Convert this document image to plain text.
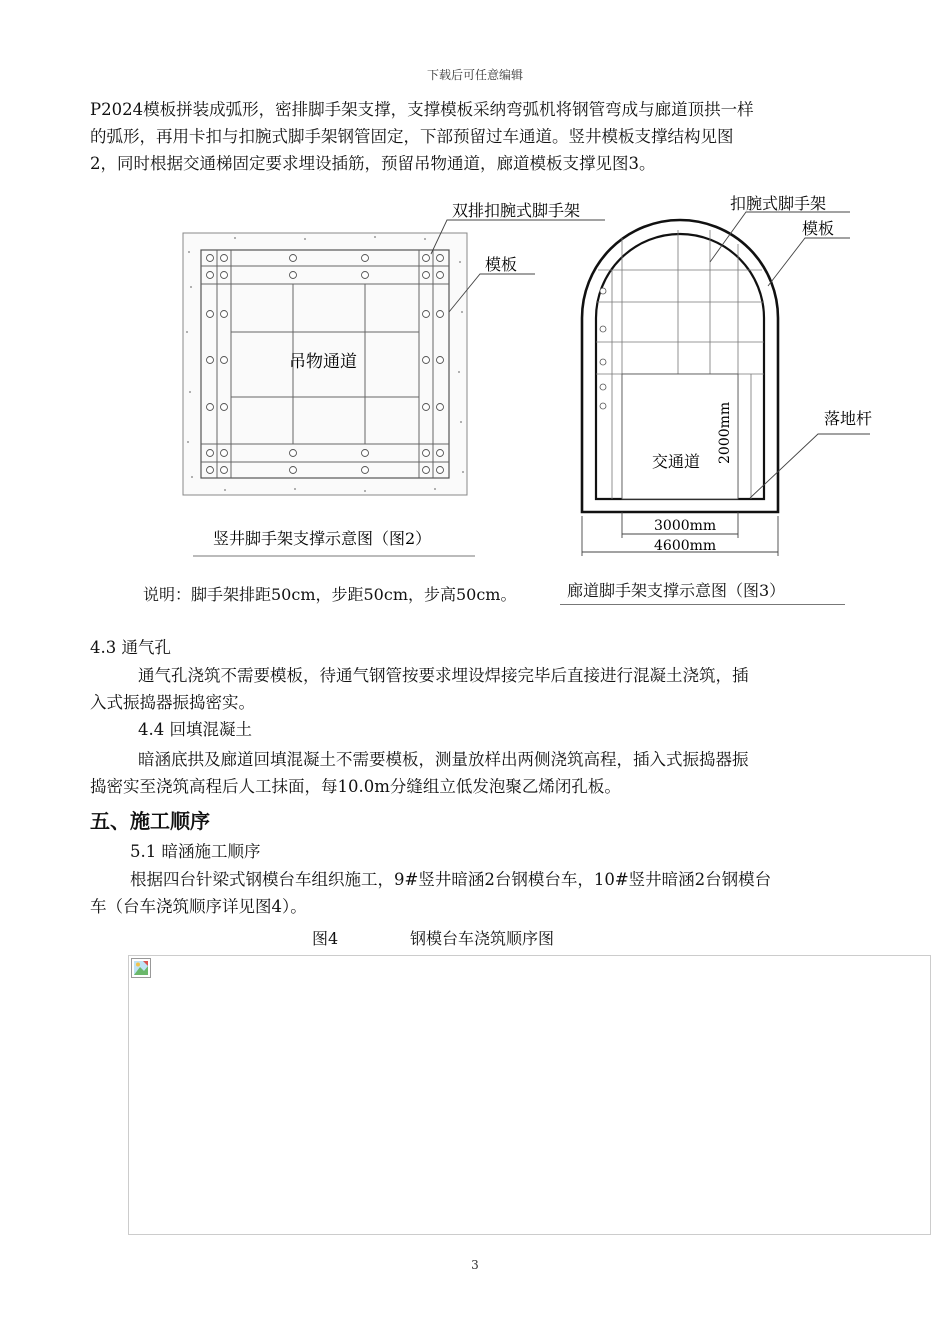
下载后可任意编辑
P2024模板拼装成弧形，密排脚手架支撑，支撑模板采纳弯弧机将钢管弯成与廊道顶拱一样
的弧形，再用卡扣与扣腕式脚手架钢管固定，下部预留过车通道。竖井模板支撑结构见图
2，同时根据交通梯固定要求埋设插筋，预留吊物通道，廊道模板支撑见图3。
双排扣腕式脚手架
模板
吊物通道
竖井脚手架支撑示意图（图2）
扣腕式脚手架
模板
落地杆
交通道 2000mm
3000mm
4600mm
说明：脚手架排距50cm，步距50cm，步高50cm。	廊道脚手架支撑示意图（图3）
4.3 通气孔
通气孔浇筑不需要模板，待通气钢管按要求埋设焊接完毕后直接进行混凝土浇筑，插
入式振捣器振捣密实。
4.4 回填混凝土
暗涵底拱及廊道回填混凝土不需要模板，测量放样出两侧浇筑高程，插入式振捣器振
捣密实至浇筑高程后人工抹面，每10.0m分缝组立低发泡聚乙烯闭孔板。
五、施工顺序
5.1 暗涵施工顺序
根据四台针梁式钢模台车组织施工，9#竖井暗涵2台钢模台车，10#竖井暗涵2台钢模台
车（台车浇筑顺序详见图4）。
图4	钢模台车浇筑顺序图
3
